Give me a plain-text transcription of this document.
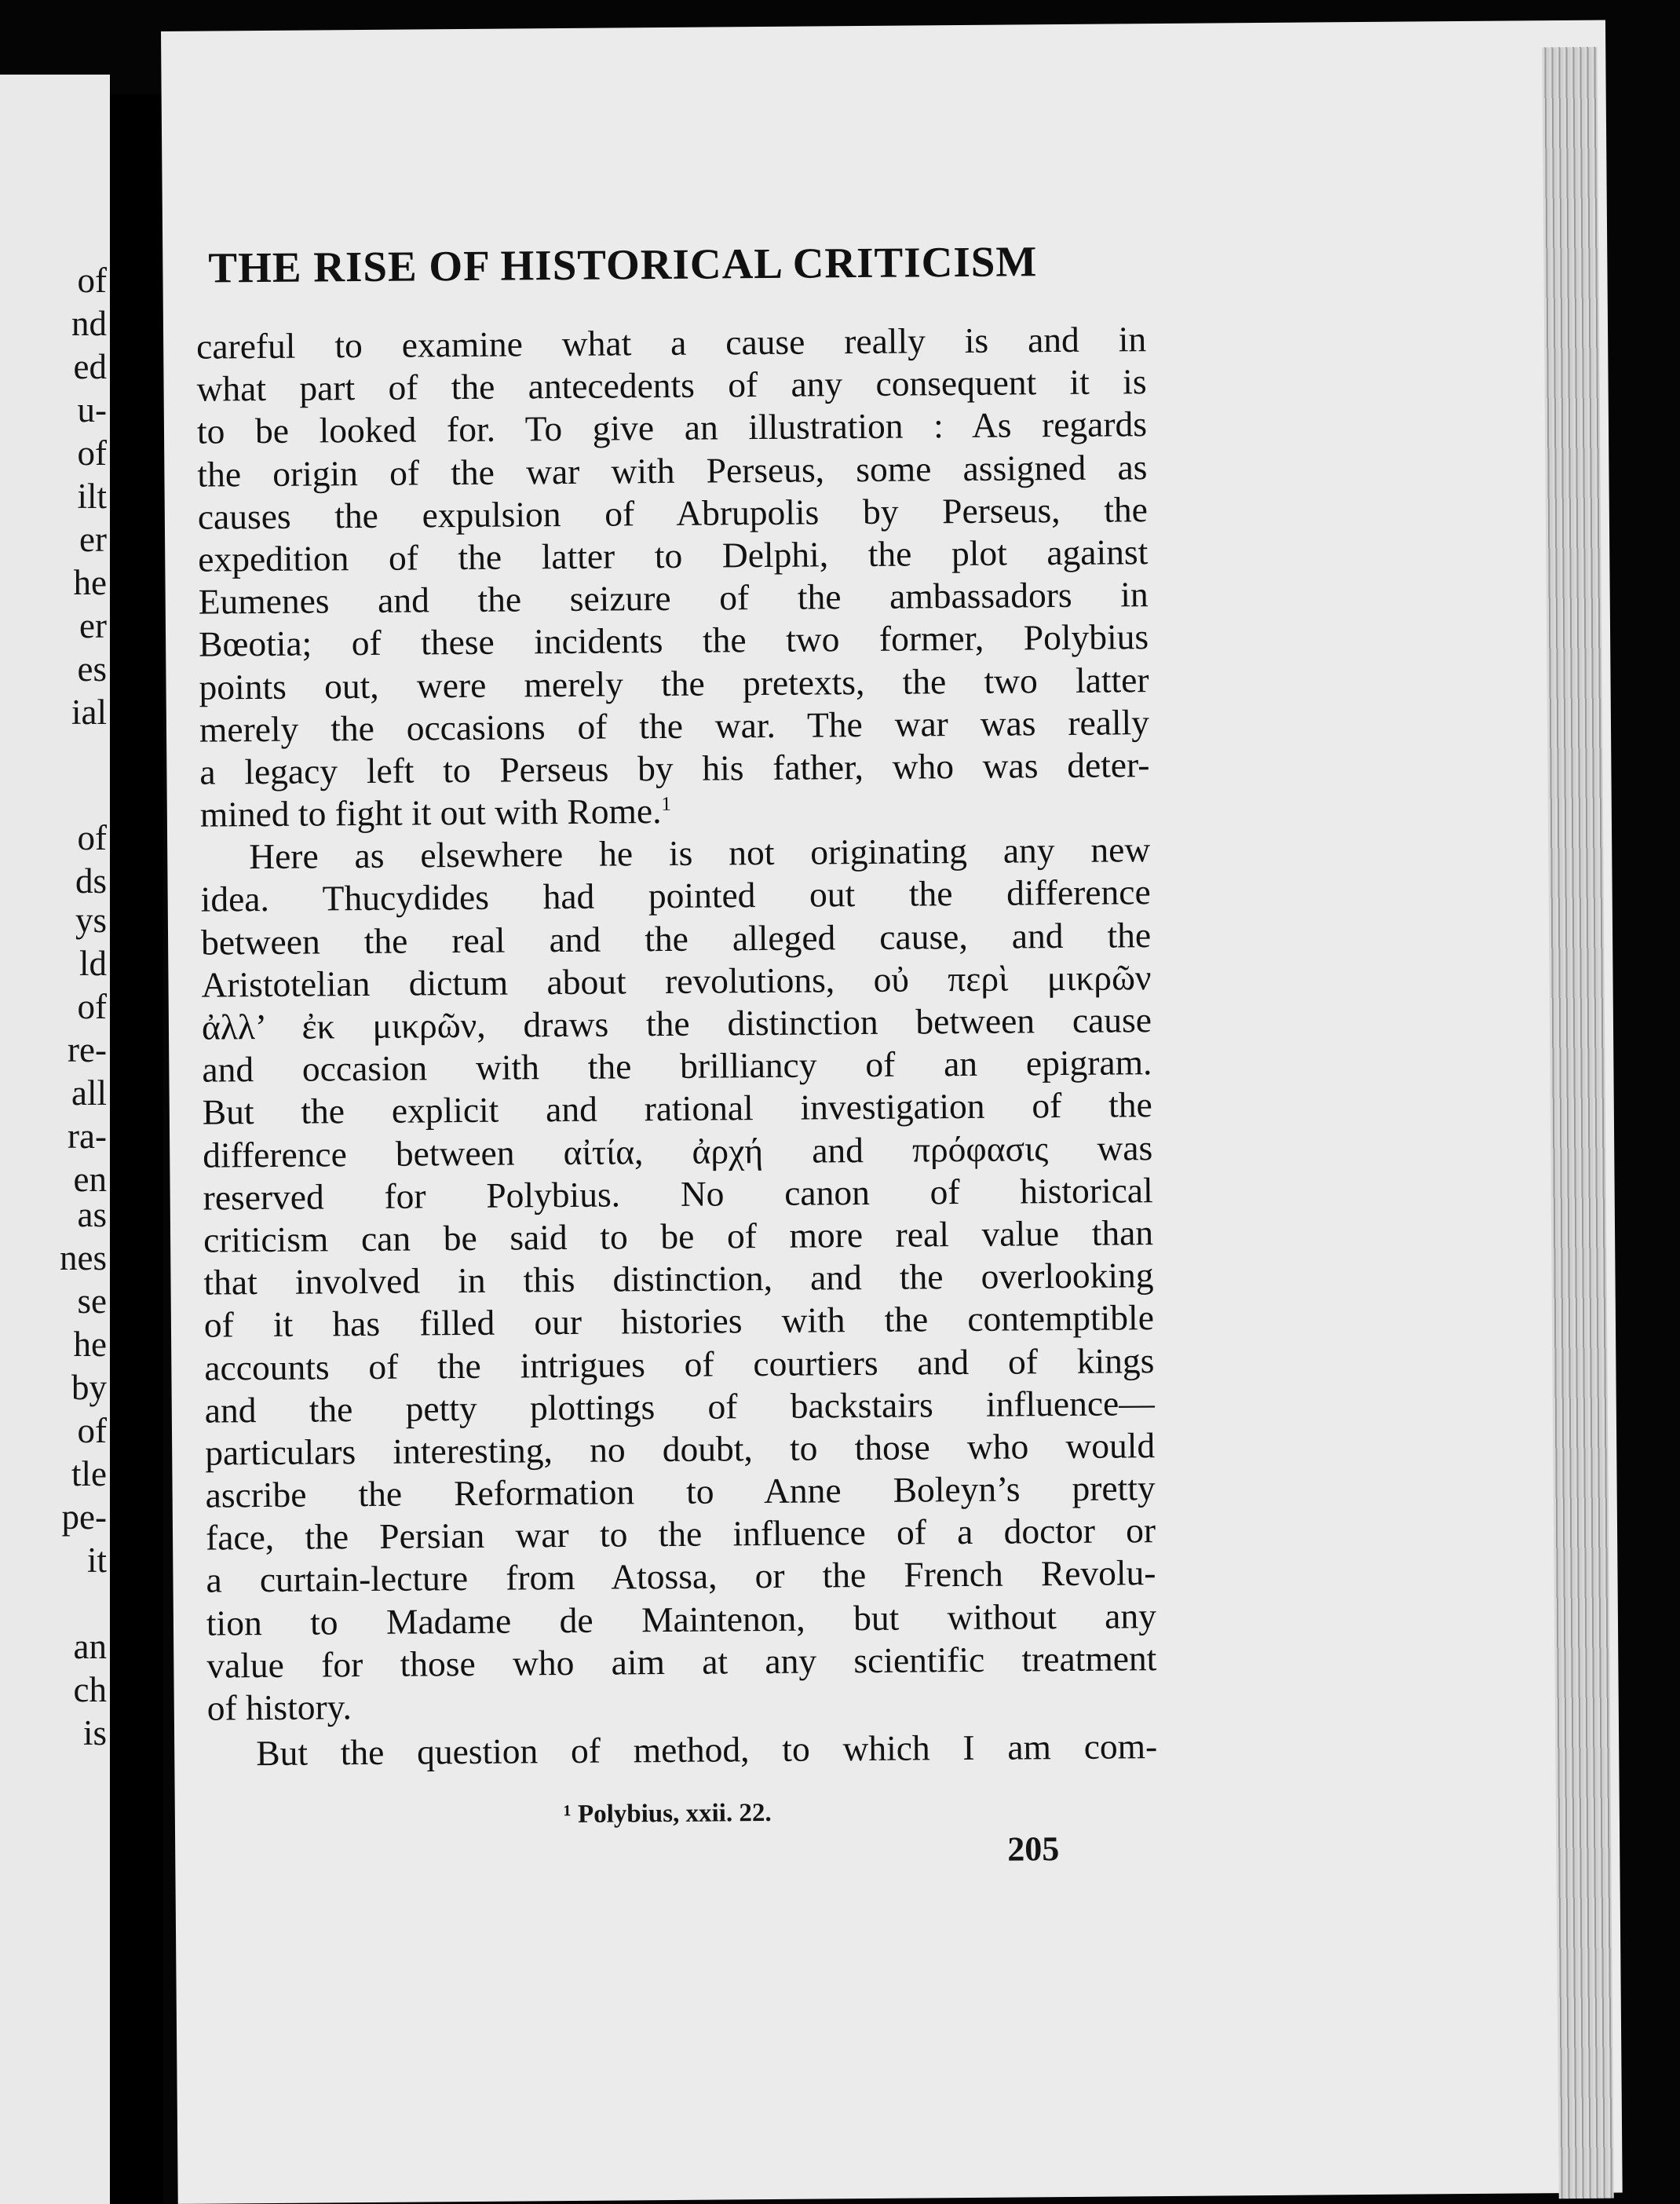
of
nd
ed
u-
of
ilt
er
he
er
es
ial
of
ds
ys
ld
of
re-
all
ra-
en
as
nes
se
he
by
of
tle
pe-
it
an
ch
is
THE RISE OF HISTORICAL CRITICISM
careful to examine what a cause really is and in
what part of the antecedents of any consequent it is
to be looked for. To give an illustration : As regards
the origin of the war with Perseus, some assigned as
causes the expulsion of Abrupolis by Perseus, the
expedition of the latter to Delphi, the plot against
Eumenes and the seizure of the ambassadors in
Bœotia; of these incidents the two former, Polybius
points out, were merely the pretexts, the two latter
merely the occasions of the war. The war was really
a legacy left to Perseus by his father, who was deter-
mined to fight it out with Rome.$^1$
Here as elsewhere he is not originating any new
idea. Thucydides had pointed out the difference
between the real and the alleged cause, and the
Aristotelian dictum about revolutions, οὐ περὶ μικρῶν
ἀλλ’ ἐκ μικρῶν, draws the distinction between cause
and occasion with the brilliancy of an epigram.
But the explicit and rational investigation of the
difference between αἰτία, ἀρχή and πρόφασις was
reserved for Polybius. No canon of historical
criticism can be said to be of more real value than
that involved in this distinction, and the overlooking
of it has filled our histories with the contemptible
accounts of the intrigues of courtiers and of kings
and the petty plottings of backstairs influence—
particulars interesting, no doubt, to those who would
ascribe the Reformation to Anne Boleyn’s pretty
face, the Persian war to the influence of a doctor or
a curtain-lecture from Atossa, or the French Revolu-
tion to Madame de Maintenon, but without any
value for those who aim at any scientific treatment
of history.
But the question of method, to which I am com-
¹ Polybius, xxii. 22.
205
